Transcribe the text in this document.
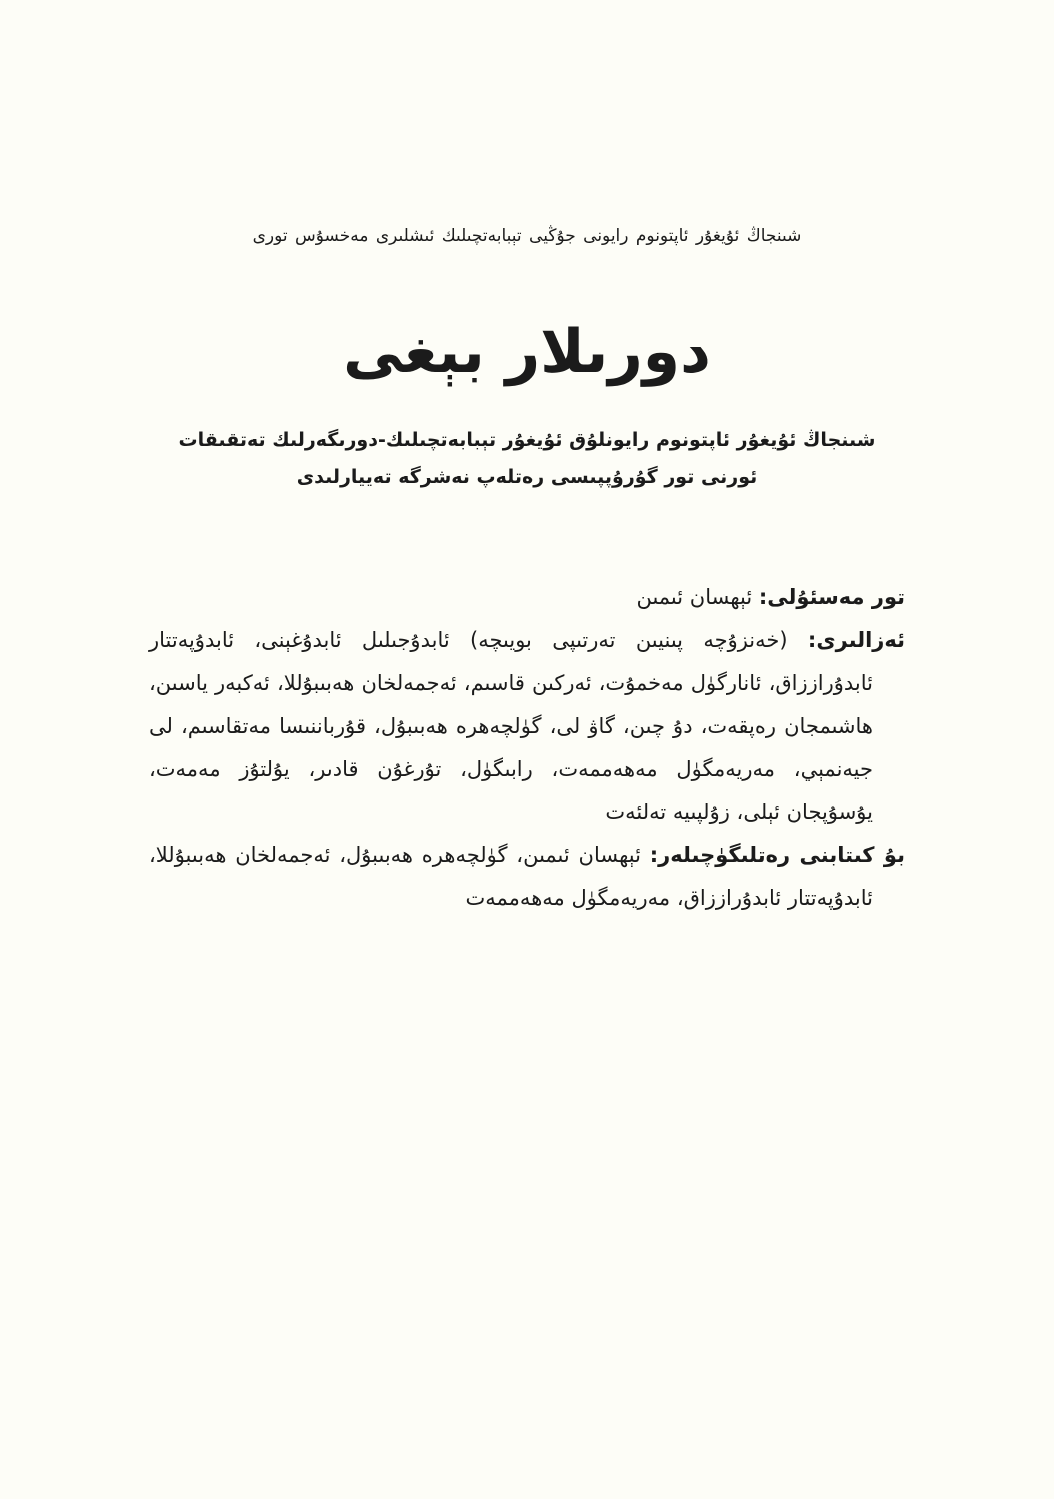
شىنجاڭ ئۇيغۇر ئاپتونوم رايونى جۇڭيى تېبابەتچىلىك ئىشلىرى مەخسۇس تورى
دورىلار بېغى
شىنجاڭ ئۇيغۇر ئاپتونوم رايونلۇق ئۇيغۇر تېبابەتچىلىك-دورىگەرلىك تەتقىقات
ئورنى تور گۇرۇپپىسى رەتلەپ نەشرگە تەييارلىدى

تور مەسئۇلى: ئېھسان ئىمىن

ئەزالىرى: (خەنزۇچە پىنيىن تەرتىپى بويىچە) ئابدۇجىلىل ئابدۇغېنى، ئابدۇپەتتار ئابدۇراززاق، ئانارگۈل مەخمۇت، ئەركىن قاسىم، ئەجمەلخان ھەبىبۇللا، ئەكبەر ياسىن، ھاشىمجان رەپقەت، دۇ چىن، گاۋ لى، گۈلچەھرە ھەبىبۇل، قۇرباننىسا مەتقاسىم، لى جيەنمېي، مەريەمگۈل مەھەممەت، رابىگۈل، تۇرغۇن قادىر، يۇلتۇز مەمەت، يۇسۇپجان ئېلى، زۇلپىيە تەلئەت

بۇ كىتابنى رەتلىگۈچىلەر: ئېھسان ئىمىن، گۈلچەھرە ھەبىبۇل، ئەجمەلخان ھەبىبۇللا، ئابدۇپەتتار ئابدۇراززاق، مەريەمگۈل مەھەممەت
